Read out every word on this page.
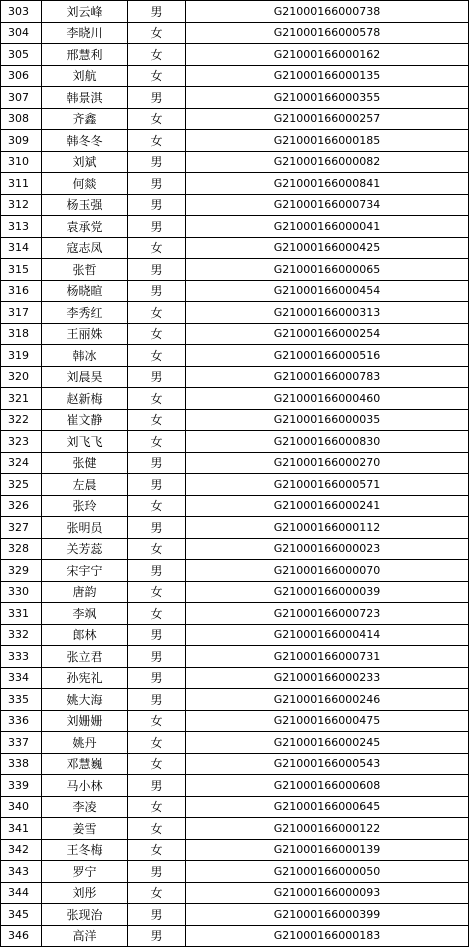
303	刘云峰	男	G21000166000738
304	李晓川	女	G21000166000578
305	邢慧利	女	G21000166000162
306	刘航	女	G21000166000135
307	韩景淇	男	G21000166000355
308	齐鑫	女	G21000166000257
309	韩冬冬	女	G21000166000185
310	刘斌	男	G21000166000082
311	何燚	男	G21000166000841
312	杨玉强	男	G21000166000734
313	袁承党	男	G21000166000041
314	寇志凤	女	G21000166000425
315	张哲	男	G21000166000065
316	杨晓暄	男	G21000166000454
317	李秀红	女	G21000166000313
318	王丽姝	女	G21000166000254
319	韩冰	女	G21000166000516
320	刘晨昊	男	G21000166000783
321	赵新梅	女	G21000166000460
322	崔文静	女	G21000166000035
323	刘飞飞	女	G21000166000830
324	张健	男	G21000166000270
325	左晨	男	G21000166000571
326	张玲	女	G21000166000241
327	张明员	男	G21000166000112
328	关芳蕊	女	G21000166000023
329	宋宇宁	男	G21000166000070
330	唐韵	女	G21000166000039
331	李飒	女	G21000166000723
332	郎林	男	G21000166000414
333	张立君	男	G21000166000731
334	孙宪礼	男	G21000166000233
335	姚大海	男	G21000166000246
336	刘姗姗	女	G21000166000475
337	姚丹	女	G21000166000245
338	邓慧巍	女	G21000166000543
339	马小林	男	G21000166000608
340	李凌	女	G21000166000645
341	姜雪	女	G21000166000122
342	王冬梅	女	G21000166000139
343	罗宁	男	G21000166000050
344	刘彤	女	G21000166000093
345	张现治	男	G21000166000399
346	高洋	男	G21000166000183
